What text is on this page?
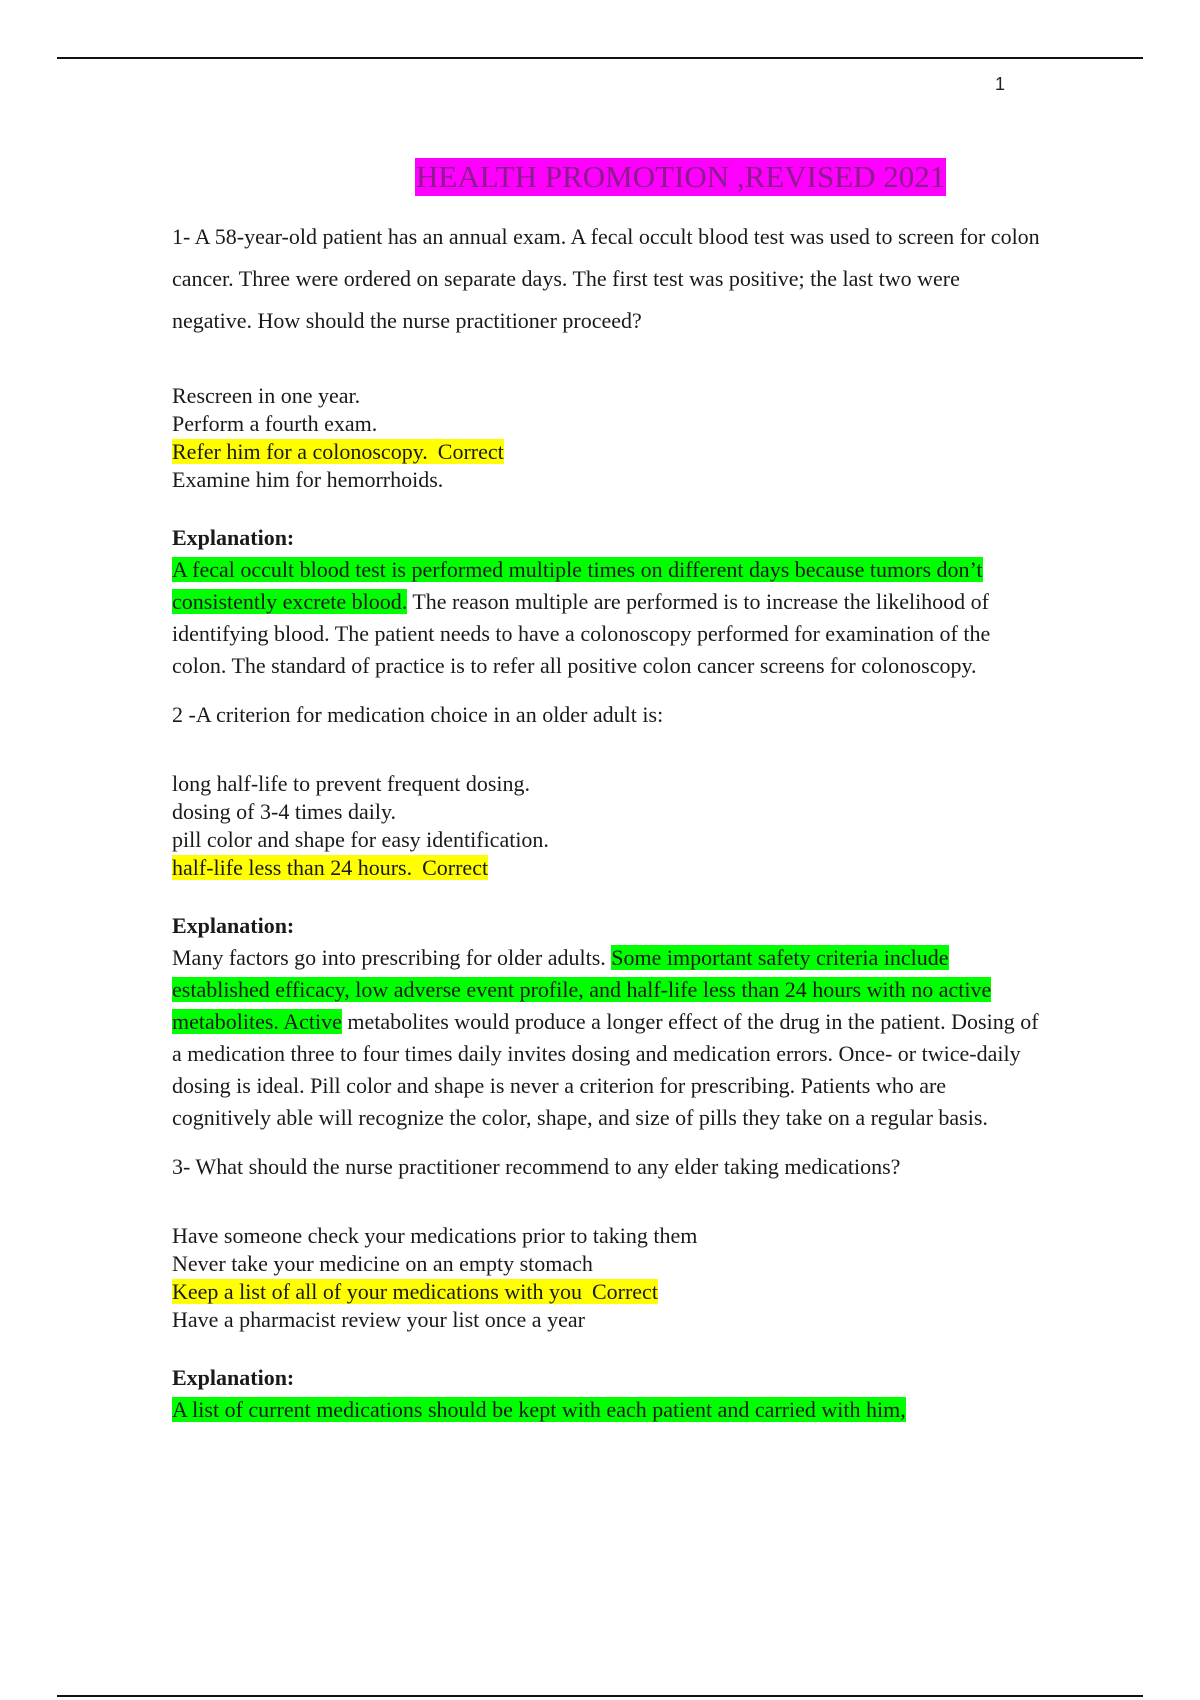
1
HEALTH PROMOTION ,REVISED 2021

1- A 58-year-old patient has an annual exam. A fecal occult blood test was used to screen for colon cancer. Three were ordered on separate days. The first test was positive; the last two were negative. How should the nurse practitioner proceed?

Rescreen in one year.
Perform a fourth exam.
Refer him for a colonoscopy. Correct
Examine him for hemorrhoids.

Explanation:

A fecal occult blood test is performed multiple times on different days because tumors don’t consistently excrete blood. The reason multiple are performed is to increase the likelihood of identifying blood. The patient needs to have a colonoscopy performed for examination of the colon. The standard of practice is to refer all positive colon cancer screens for colonoscopy.

2 -A criterion for medication choice in an older adult is:

long half-life to prevent frequent dosing.
dosing of 3-4 times daily.
pill color and shape for easy identification.
half-life less than 24 hours. Correct

Explanation:

Many factors go into prescribing for older adults. Some important safety criteria include established efficacy, low adverse event profile, and half-life less than 24 hours with no active metabolites. Active metabolites would produce a longer effect of the drug in the patient. Dosing of a medication three to four times daily invites dosing and medication errors. Once- or twice-daily dosing is ideal. Pill color and shape is never a criterion for prescribing. Patients who are cognitively able will recognize the color, shape, and size of pills they take on a regular basis.

3- What should the nurse practitioner recommend to any elder taking medications?

Have someone check your medications prior to taking them
Never take your medicine on an empty stomach
Keep a list of all of your medications with you Correct
Have a pharmacist review your list once a year

Explanation:

A list of current medications should be kept with each patient and carried with him,
